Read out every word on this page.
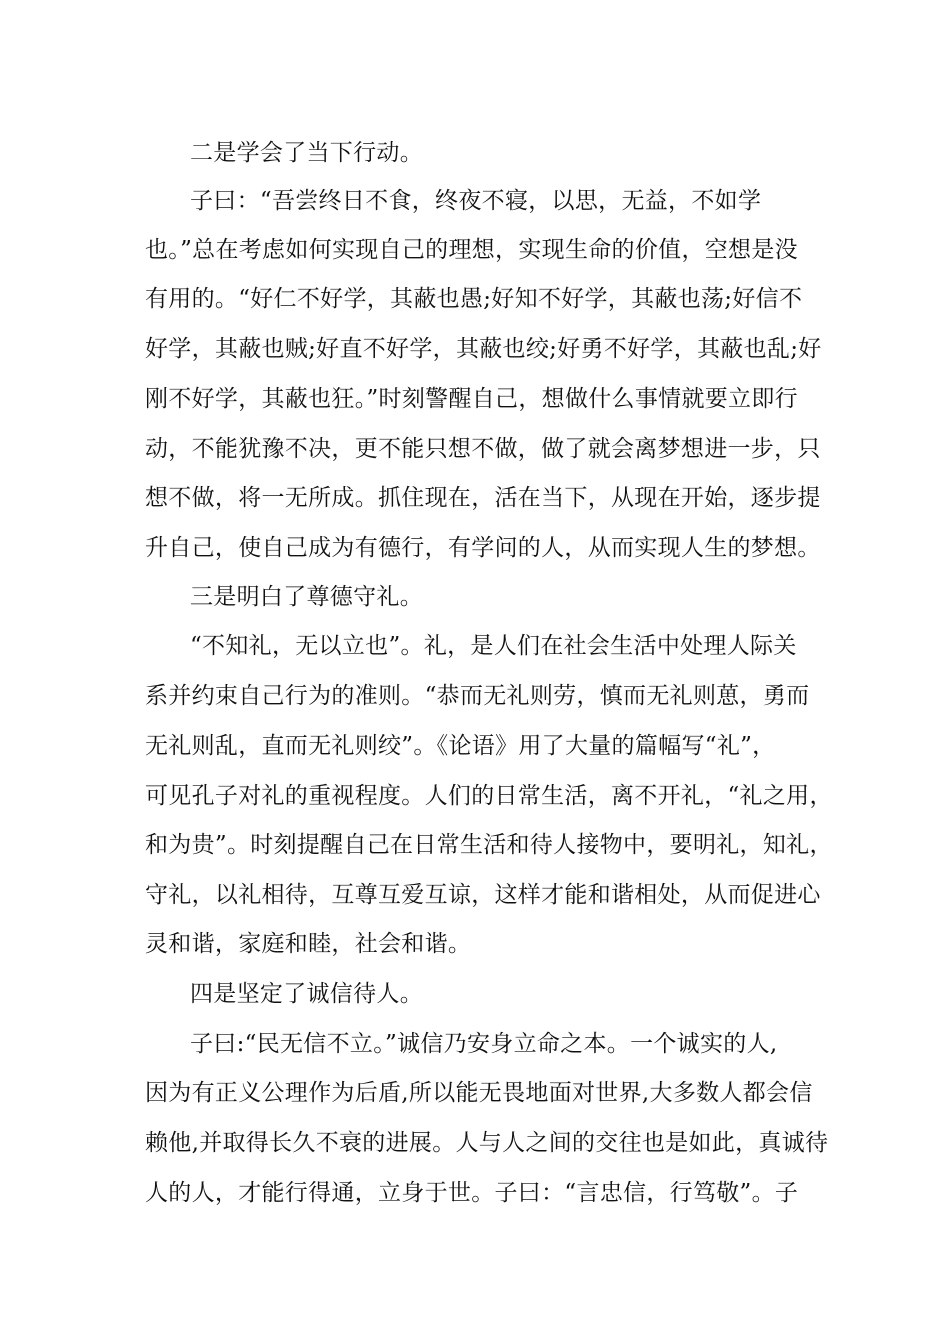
二是学会了当下行动。
子曰：“吾尝终日不食，终夜不寝，以思，无益，不如学
也。”总在考虑如何实现自己的理想，实现生命的价值，空想是没
有用的。“好仁不好学，其蔽也愚;好知不好学，其蔽也荡;好信不
好学，其蔽也贼;好直不好学，其蔽也绞;好勇不好学，其蔽也乱;好
刚不好学，其蔽也狂。”时刻警醒自己，想做什么事情就要立即行
动，不能犹豫不决，更不能只想不做，做了就会离梦想进一步，只
想不做，将一无所成。抓住现在，活在当下，从现在开始，逐步提
升自己，使自己成为有德行，有学问的人，从而实现人生的梦想。
三是明白了尊德守礼。
“不知礼，无以立也”。礼，是人们在社会生活中处理人际关
系并约束自己行为的准则。“恭而无礼则劳，慎而无礼则葸，勇而
无礼则乱，直而无礼则绞”。《论语》用了大量的篇幅写“礼”，
可见孔子对礼的重视程度。人们的日常生活，离不开礼，“礼之用，
和为贵”。时刻提醒自己在日常生活和待人接物中，要明礼，知礼，
守礼，以礼相待，互尊互爱互谅，这样才能和谐相处，从而促进心
灵和谐，家庭和睦，社会和谐。
四是坚定了诚信待人。
子曰:“民无信不立。”诚信乃安身立命之本。一个诚实的人,
因为有正义公理作为后盾,所以能无畏地面对世界,大多数人都会信
赖他,并取得长久不衰的进展。人与人之间的交往也是如此，真诚待
人的人，才能行得通，立身于世。子曰：“言忠信，行笃敬”。子
